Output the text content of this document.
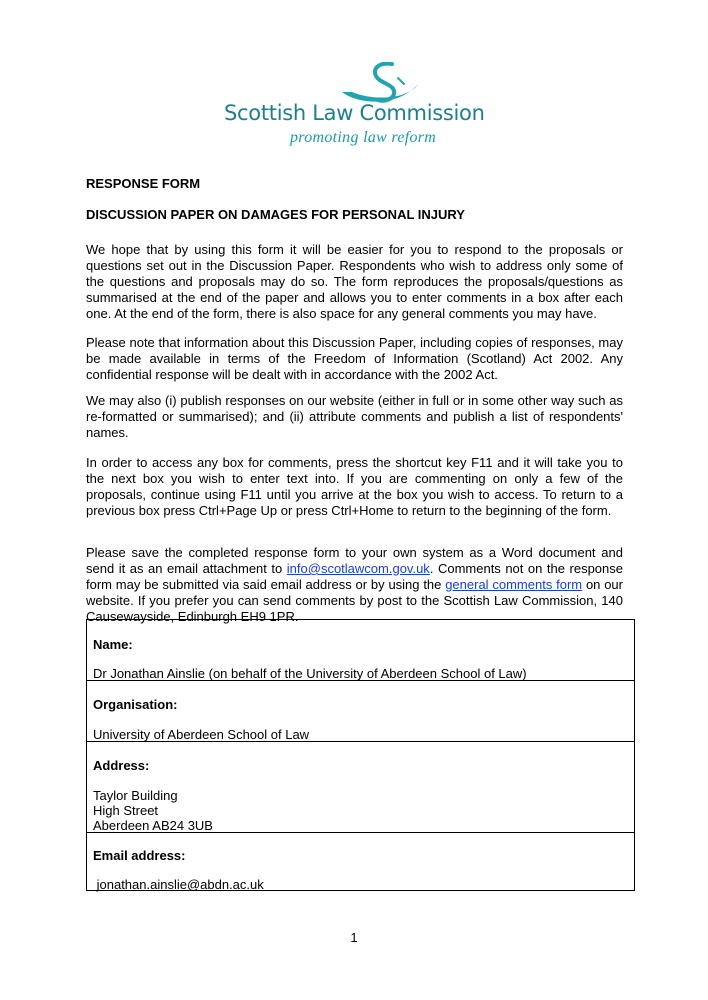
Scottish Law Commission
promoting law reform
RESPONSE FORM
DISCUSSION PAPER ON DAMAGES FOR PERSONAL INJURY
We hope that by using this form it will be easier for you to respond to the proposals or questions set out in the Discussion Paper. Respondents who wish to address only some of the questions and proposals may do so. The form reproduces the proposals/questions as summarised at the end of the paper and allows you to enter comments in a box after each one. At the end of the form, there is also space for any general comments you may have.
Please note that information about this Discussion Paper, including copies of responses, may be made available in terms of the Freedom of Information (Scotland) Act 2002. Any confidential response will be dealt with in accordance with the 2002 Act.
We may also (i) publish responses on our website (either in full or in some other way such as re-formatted or summarised); and (ii) attribute comments and publish a list of respondents' names.
In order to access any box for comments, press the shortcut key F11 and it will take you to the next box you wish to enter text into. If you are commenting on only a few of the proposals, continue using F11 until you arrive at the box you wish to access. To return to a previous box press Ctrl+Page Up or press Ctrl+Home to return to the beginning of the form.
Please save the completed response form to your own system as a Word document and send it as an email attachment to info@scotlawcom.gov.uk. Comments not on the response form may be submitted via said email address or by using the general comments form on our website. If you prefer you can send comments by post to the Scottish Law Commission, 140 Causewayside, Edinburgh EH9 1PR.
Name:
Dr Jonathan Ainslie (on behalf of the University of Aberdeen School of Law)
Organisation:
University of Aberdeen School of Law
Address:
Taylor Building
High Street
Aberdeen AB24 3UB
Email address:
jonathan.ainslie@abdn.ac.uk
1
